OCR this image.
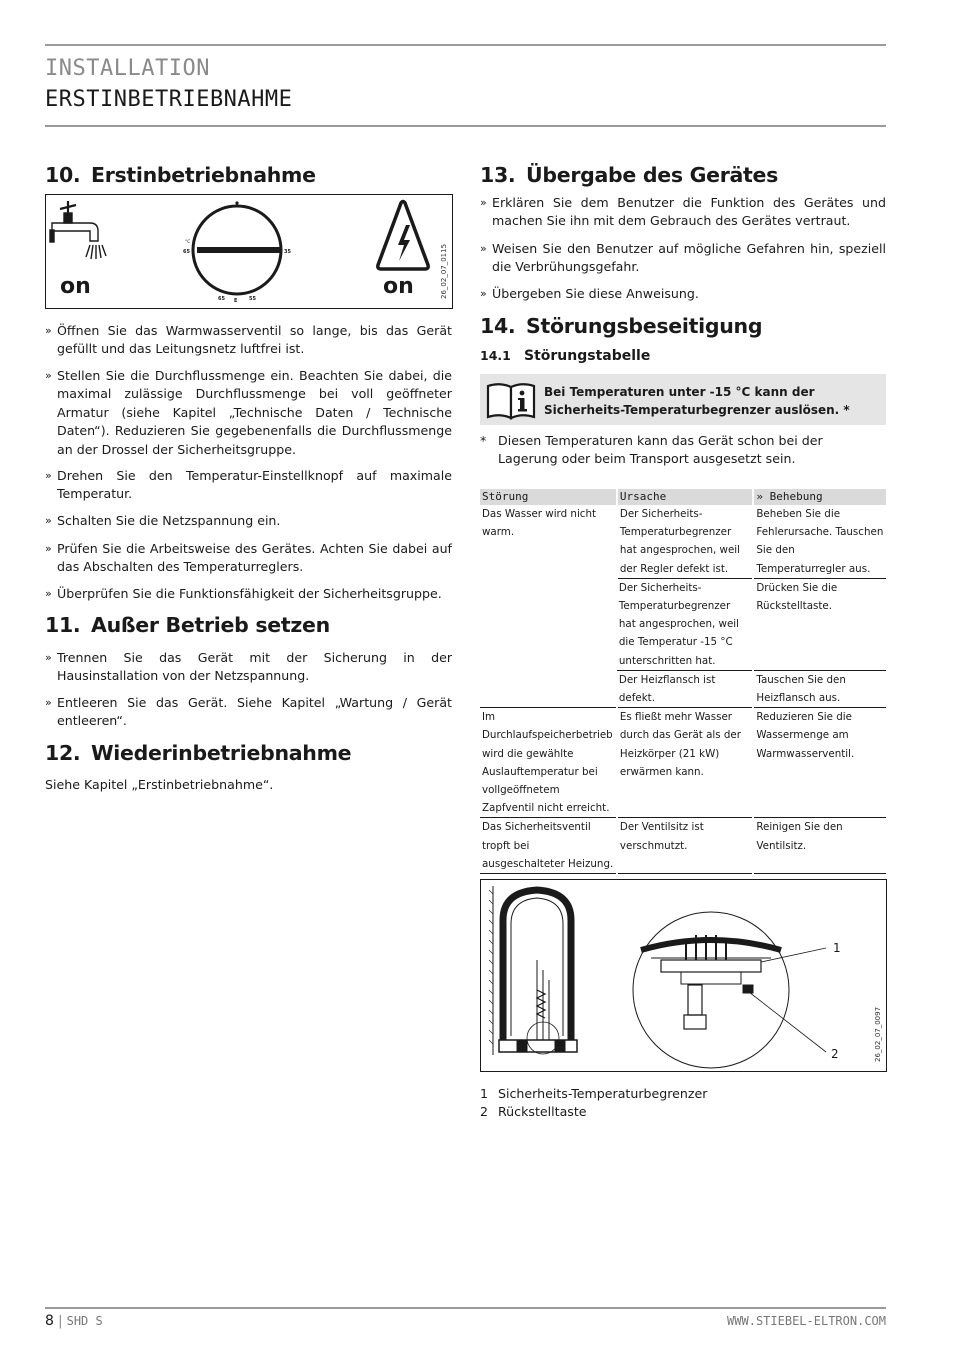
INSTALLATION
ERSTINBETRIEBNAHME
10. Erstinbetriebnahme
on
65	35
65 E 55
°C
on	26_02_07_0115
» Öffnen Sie das Warmwasserventil so lange, bis das Gerät gefüllt und das Leitungsnetz luftfrei ist.
» Stellen Sie die Durchflussmenge ein. Beachten Sie dabei, die maximal zulässige Durchflussmenge bei voll geöffneter Armatur (siehe Kapitel „Technische Daten / Technische Daten“). Reduzieren Sie gegebenenfalls die Durchflussmenge an der Drossel der Sicherheitsgruppe.
» Drehen Sie den Temperatur-Einstellknopf auf maximale Temperatur.
» Schalten Sie die Netzspannung ein.
» Prüfen Sie die Arbeitsweise des Gerätes. Achten Sie dabei auf das Abschalten des Temperaturreglers.
» Überprüfen Sie die Funktionsfähigkeit der Sicherheitsgruppe.
11. Außer Betrieb setzen
» Trennen Sie das Gerät mit der Sicherung in der Hausinstallation von der Netzspannung.
» Entleeren Sie das Gerät. Siehe Kapitel „Wartung / Gerät entleeren“.
12. Wiederinbetriebnahme
Siehe Kapitel „Erstinbetriebnahme“.
13. Übergabe des Gerätes
» Erklären Sie dem Benutzer die Funktion des Gerätes und machen Sie ihn mit dem Gebrauch des Gerätes vertraut.
» Weisen Sie den Benutzer auf mögliche Gefahren hin, speziell die Verbrühungsgefahr.
» Übergeben Sie diese Anweisung.
14. Störungsbeseitigung
14.1 Störungstabelle
Bei Temperaturen unter -15 °C kann der Sicherheits-Temperaturbegrenzer auslösen. *
* Diesen Temperaturen kann das Gerät schon bei der Lagerung oder beim Transport ausgesetzt sein.
Störung	Ursache	» Behebung
Das Wasser wird nicht warm.	Der Sicherheits-Temperaturbegrenzer hat angesprochen, weil der Regler defekt ist.	Beheben Sie die Fehlerursache. Tauschen Sie den Temperaturregler aus.
	Der Sicherheits-Temperaturbegrenzer hat angesprochen, weil die Temperatur -15 °C unterschritten hat.	Drücken Sie die Rückstelltaste.
	Der Heizflansch ist defekt.	Tauschen Sie den Heizflansch aus.
Im Durchlaufspeicherbetrieb wird die gewählte Auslauftemperatur bei vollgeöffnetem Zapfventil nicht erreicht.	Es fließt mehr Wasser durch das Gerät als der Heizkörper (21 kW) erwärmen kann.	Reduzieren Sie die Wassermenge am Warmwasserventil.
Das Sicherheitsventil tropft bei ausgeschalteter Heizung.	Der Ventilsitz ist verschmutzt.	Reinigen Sie den Ventilsitz.
1
2	26_02_07_0097
1 Sicherheits-Temperaturbegrenzer
2 Rückstelltaste
8 | SHD S	WWW.STIEBEL-ELTRON.COM
